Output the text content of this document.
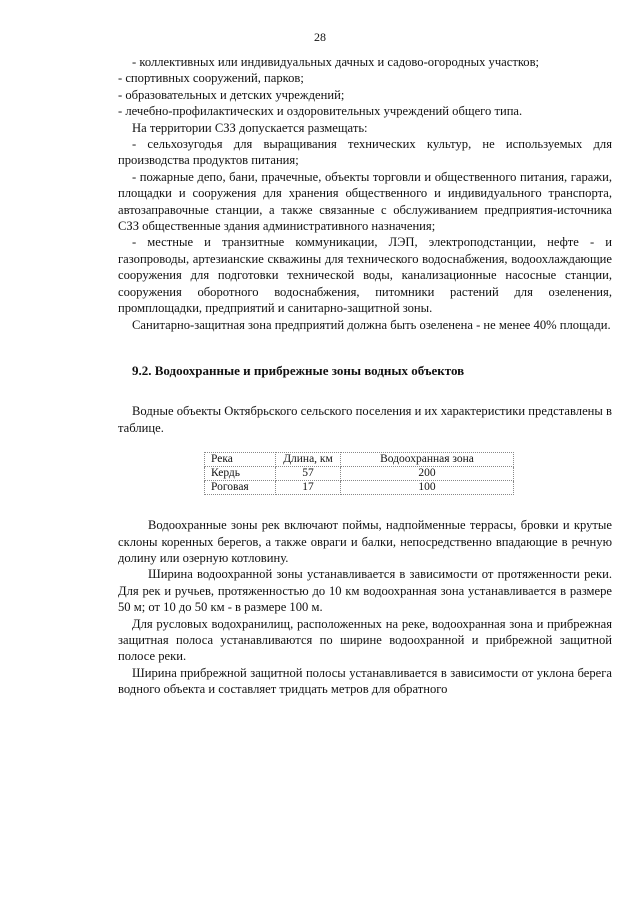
28

- коллективных или индивидуальных дачных и садово-огородных участков;

- спортивных сооружений, парков;

- образовательных и детских учреждений;

- лечебно-профилактических и оздоровительных учреждений общего типа.

На территории СЗЗ допускается размещать:

- сельхозугодья для выращивания технических культур, не используемых для производства продуктов питания;

- пожарные депо, бани, прачечные, объекты торговли и общественного питания, гаражи, площадки и сооружения для хранения общественного и индивидуального транспорта, автозаправочные станции, а также связанные с обслуживанием предприятия-источника СЗЗ общественные здания административного назначения;

- местные и транзитные коммуникации, ЛЭП, электроподстанции, нефте - и газопроводы, артезианские скважины для технического водоснабжения, водоохлаждающие сооружения для подготовки технической воды, канализационные насосные станции, сооружения оборотного водоснабжения, питомники растений для озеленения, промплощадки, предприятий и санитарно-защитной зоны.

Санитарно-защитная зона предприятий должна быть озеленена - не менее 40% площади.

9.2. Водоохранные и прибрежные зоны водных объектов

Водные объекты Октябрьского сельского поселения и их характеристики представлены в таблице.

Река	Длина, км	Водоохранная зона
Кердь	57	200
Роговая	17	100

Водоохранные зоны рек включают поймы, надпойменные террасы, бровки и крутые склоны коренных берегов, а также овраги и балки, непосредственно впадающие в речную долину или озерную котловину.

Ширина водоохранной зоны устанавливается в зависимости от протяженности реки. Для рек и ручьев, протяженностью до 10 км водоохранная зона устанавливается в размере 50 м; от 10 до 50 км - в размере 100 м.

Для русловых водохранилищ, расположенных на реке, водоохранная зона и прибрежная защитная полоса устанавливаются по ширине водоохранной и прибрежной защитной полосе реки.

Ширина прибрежной защитной полосы устанавливается в зависимости от уклона берега водного объекта и составляет тридцать метров для обратного
